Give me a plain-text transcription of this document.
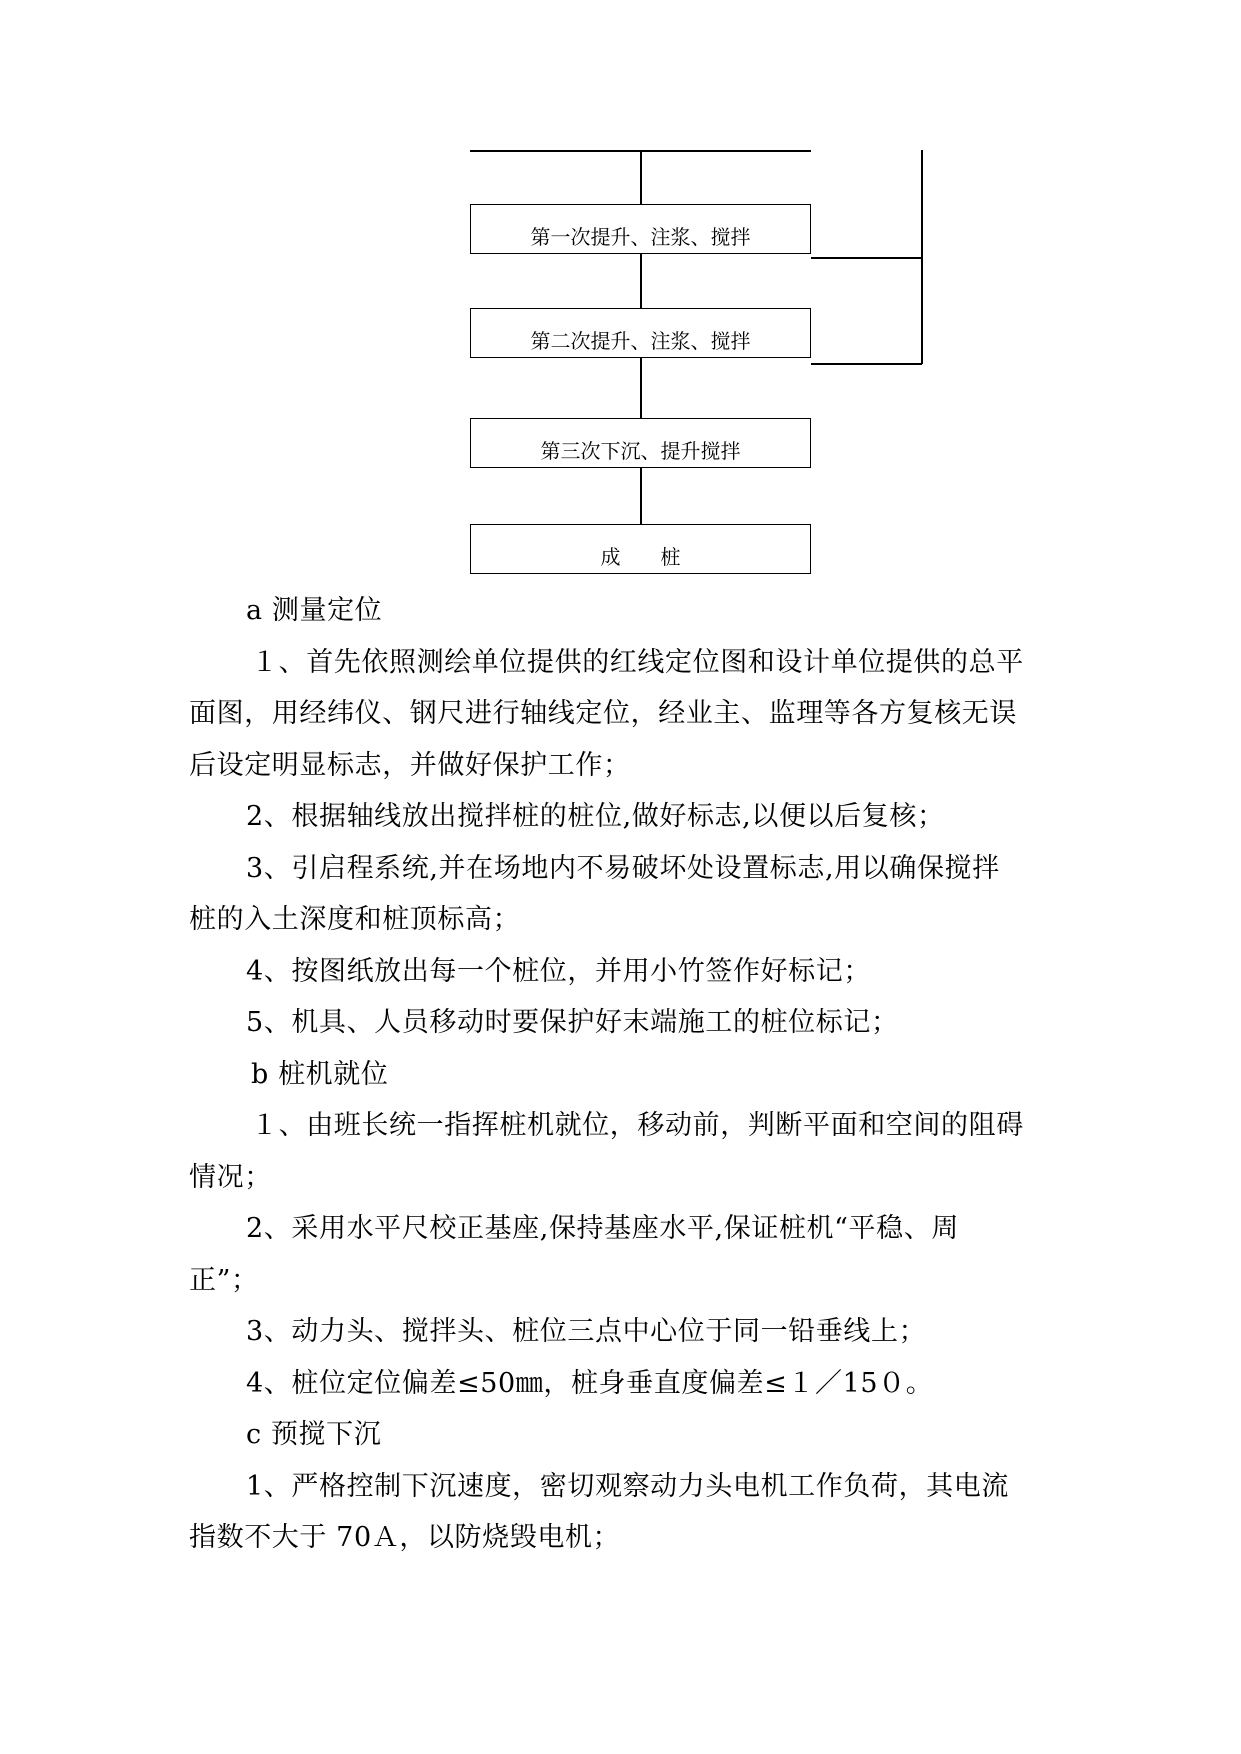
第一次提升、注浆、搅拌
第二次提升、注浆、搅拌
第三次下沉、提升搅拌
成　　桩
a 测量定位
１、首先依照测绘单位提供的红线定位图和设计单位提供的总平
面图，用经纬仪、钢尺进行轴线定位，经业主、监理等各方复核无误
后设定明显标志，并做好保护工作；
2、根据轴线放出搅拌桩的桩位,做好标志,以便以后复核；
3、引启程系统,并在场地内不易破坏处设置标志,用以确保搅拌
桩的入土深度和桩顶标高；
4、按图纸放出每一个桩位，并用小竹签作好标记；
5、机具、人员移动时要保护好末端施工的桩位标记；
b 桩机就位
１、由班长统一指挥桩机就位，移动前，判断平面和空间的阻碍
情况；
2、采用水平尺校正基座,保持基座水平,保证桩机“平稳、周
正”；
3、动力头、搅拌头、桩位三点中心位于同一铅垂线上；
4、桩位定位偏差≤50㎜，桩身垂直度偏差≤１／15０。
c 预搅下沉
1、严格控制下沉速度，密切观察动力头电机工作负荷，其电流
指数不大于 70Ａ，以防烧毁电机；
